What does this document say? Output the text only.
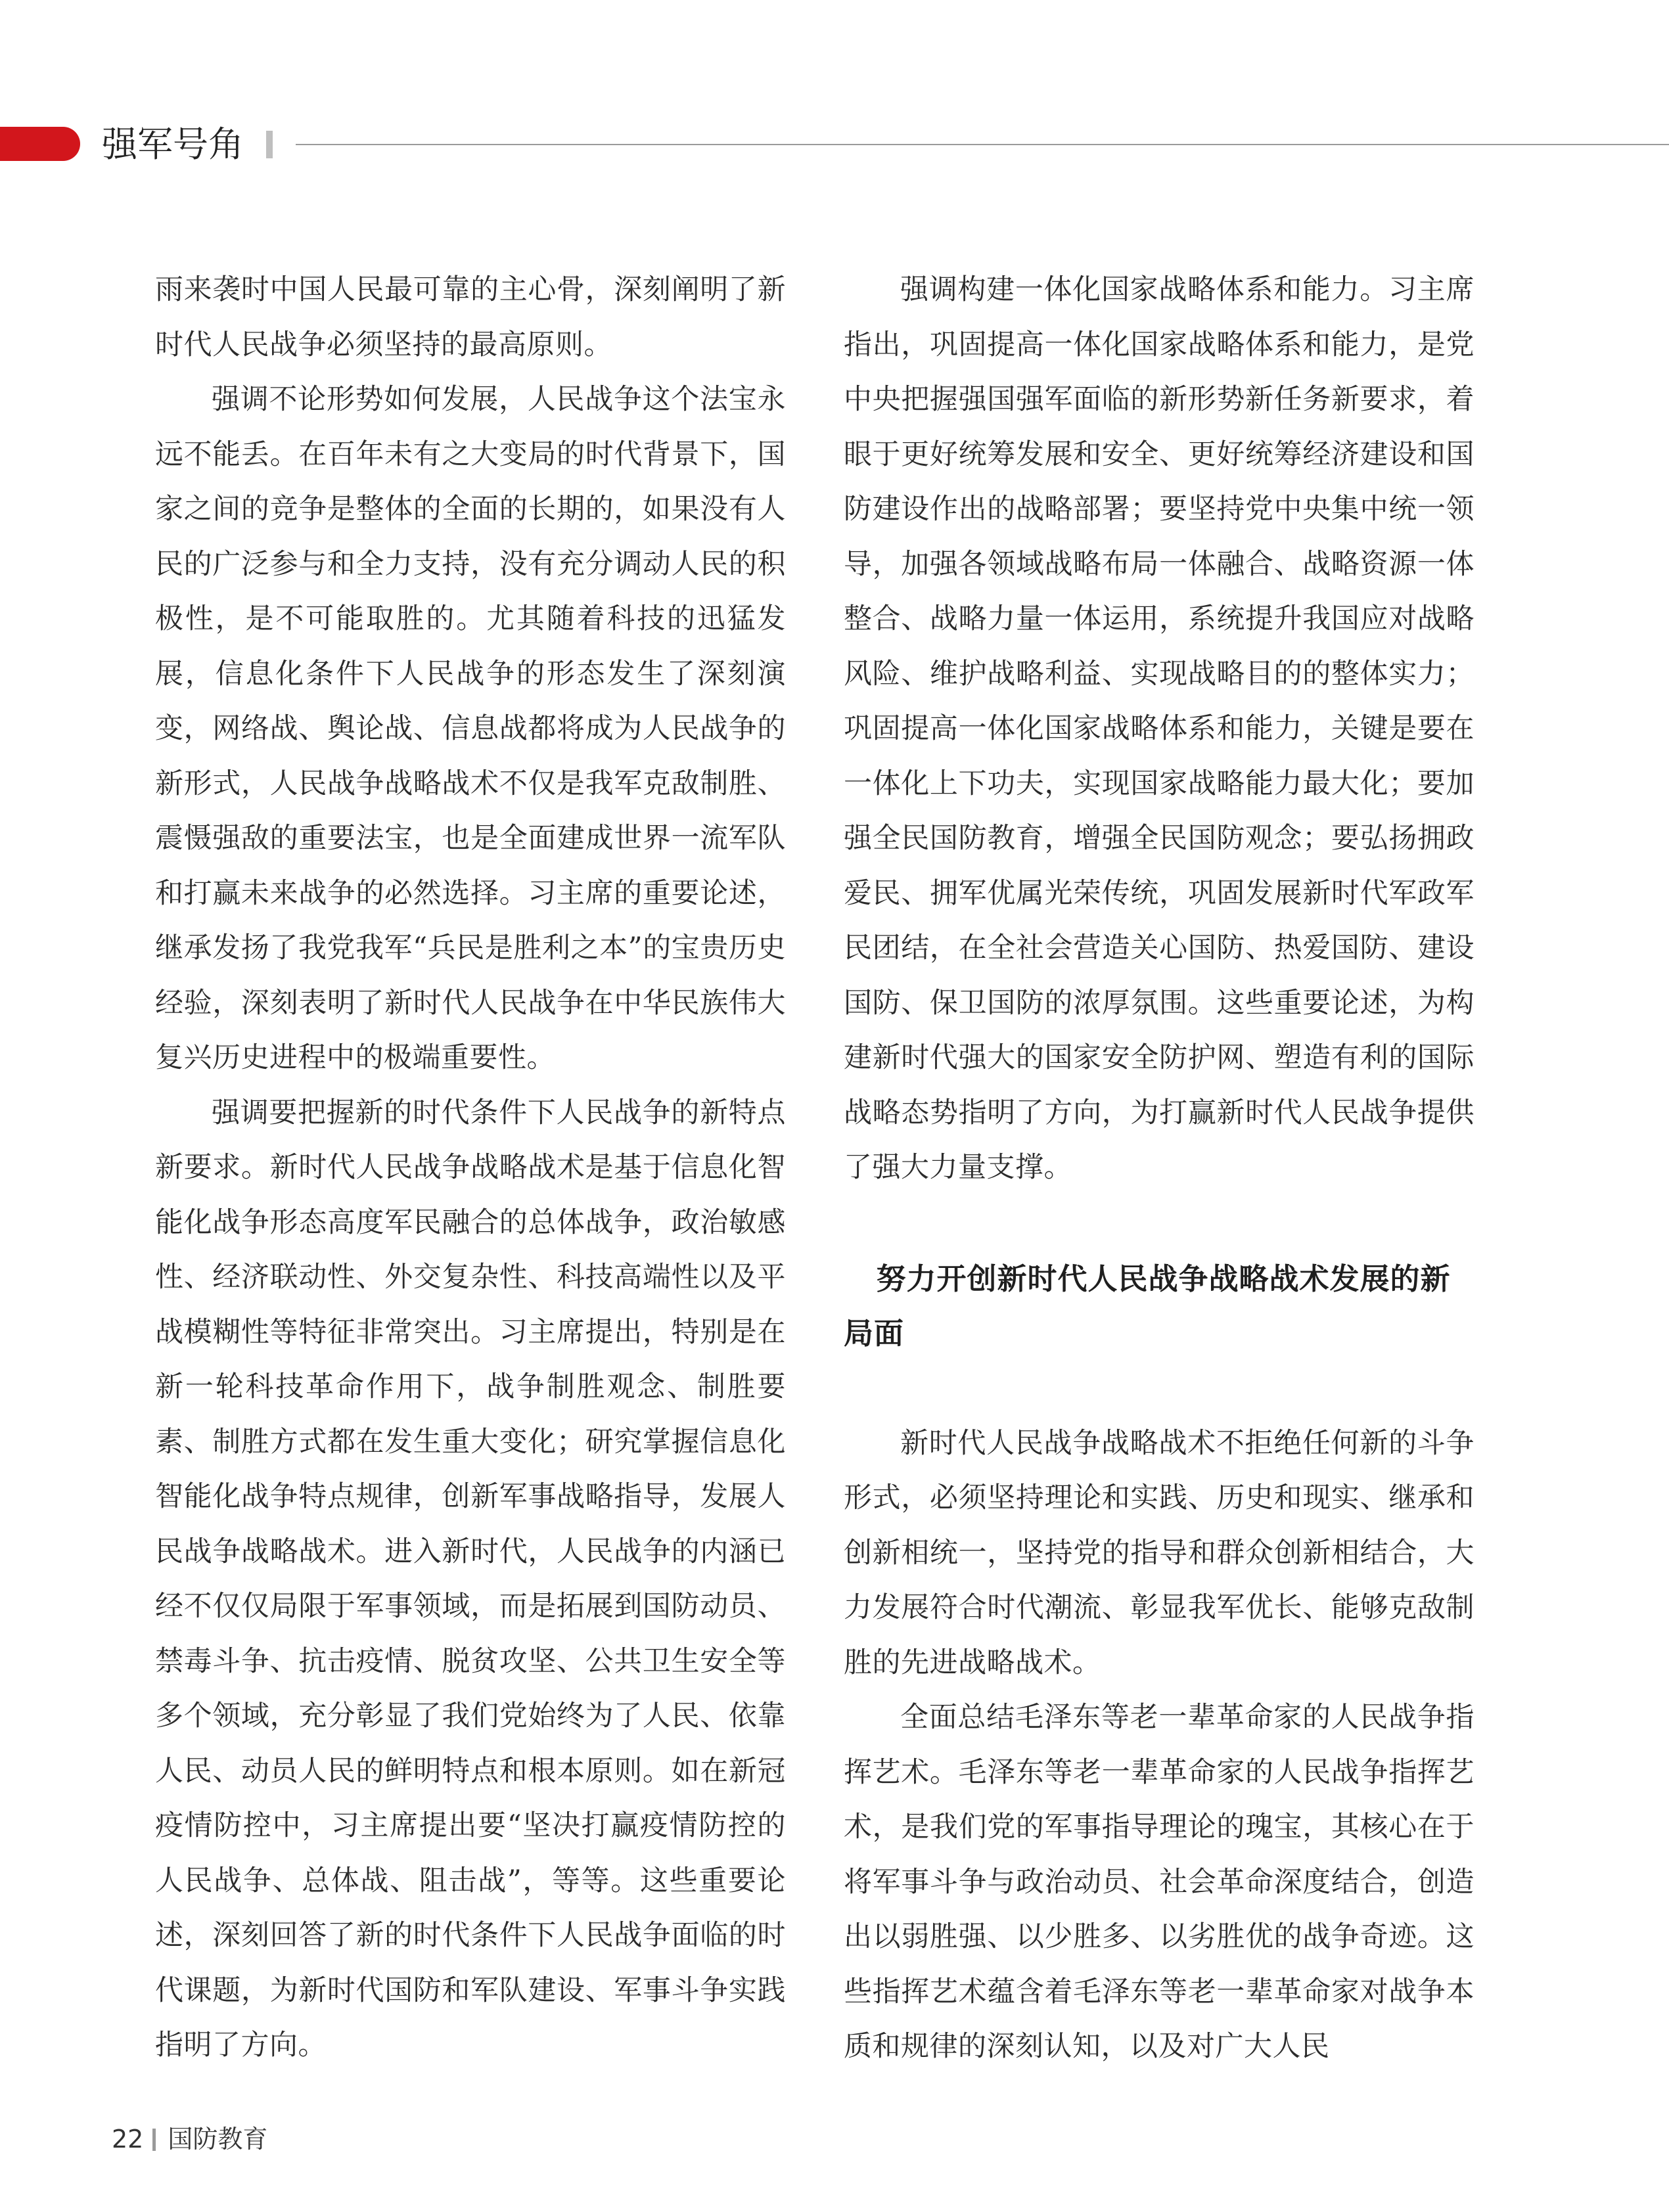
强军号角

雨来袭时中国人民最可靠的主心骨，深刻阐明了新时代人民战争必须坚持的最高原则。

强调不论形势如何发展，人民战争这个法宝永远不能丢。在百年未有之大变局的时代背景下，国家之间的竞争是整体的全面的长期的，如果没有人民的广泛参与和全力支持，没有充分调动人民的积极性，是不可能取胜的。尤其随着科技的迅猛发展，信息化条件下人民战争的形态发生了深刻演变，网络战、舆论战、信息战都将成为人民战争的新形式，人民战争战略战术不仅是我军克敌制胜、震慑强敌的重要法宝，也是全面建成世界一流军队和打赢未来战争的必然选择。习主席的重要论述，继承发扬了我党我军“兵民是胜利之本”的宝贵历史经验，深刻表明了新时代人民战争在中华民族伟大复兴历史进程中的极端重要性。

强调要把握新的时代条件下人民战争的新特点新要求。新时代人民战争战略战术是基于信息化智能化战争形态高度军民融合的总体战争，政治敏感性、经济联动性、外交复杂性、科技高端性以及平战模糊性等特征非常突出。习主席提出，特别是在新一轮科技革命作用下，战争制胜观念、制胜要素、制胜方式都在发生重大变化；研究掌握信息化智能化战争特点规律，创新军事战略指导，发展人民战争战略战术。进入新时代，人民战争的内涵已经不仅仅局限于军事领域，而是拓展到国防动员、禁毒斗争、抗击疫情、脱贫攻坚、公共卫生安全等多个领域，充分彰显了我们党始终为了人民、依靠人民、动员人民的鲜明特点和根本原则。如在新冠疫情防控中，习主席提出要“坚决打赢疫情防控的人民战争、总体战、阻击战”，等等。这些重要论述，深刻回答了新的时代条件下人民战争面临的时代课题，为新时代国防和军队建设、军事斗争实践指明了方向。

强调构建一体化国家战略体系和能力。习主席指出，巩固提高一体化国家战略体系和能力，是党中央把握强国强军面临的新形势新任务新要求，着眼于更好统筹发展和安全、更好统筹经济建设和国防建设作出的战略部署；要坚持党中央集中统一领导，加强各领域战略布局一体融合、战略资源一体整合、战略力量一体运用，系统提升我国应对战略风险、维护战略利益、实现战略目的的整体实力；巩固提高一体化国家战略体系和能力，关键是要在一体化上下功夫，实现国家战略能力最大化；要加强全民国防教育，增强全民国防观念；要弘扬拥政爱民、拥军优属光荣传统，巩固发展新时代军政军民团结，在全社会营造关心国防、热爱国防、建设国防、保卫国防的浓厚氛围。这些重要论述，为构建新时代强大的国家安全防护网、塑造有利的国际战略态势指明了方向，为打赢新时代人民战争提供了强大力量支撑。

努力开创新时代人民战争战略战术发展的新局面

新时代人民战争战略战术不拒绝任何新的斗争形式，必须坚持理论和实践、历史和现实、继承和创新相统一，坚持党的指导和群众创新相结合，大力发展符合时代潮流、彰显我军优长、能够克敌制胜的先进战略战术。

全面总结毛泽东等老一辈革命家的人民战争指挥艺术。毛泽东等老一辈革命家的人民战争指挥艺术，是我们党的军事指导理论的瑰宝，其核心在于将军事斗争与政治动员、社会革命深度结合，创造出以弱胜强、以少胜多、以劣胜优的战争奇迹。这些指挥艺术蕴含着毛泽东等老一辈革命家对战争本质和规律的深刻认知，以及对广大人民

22 国防教育
